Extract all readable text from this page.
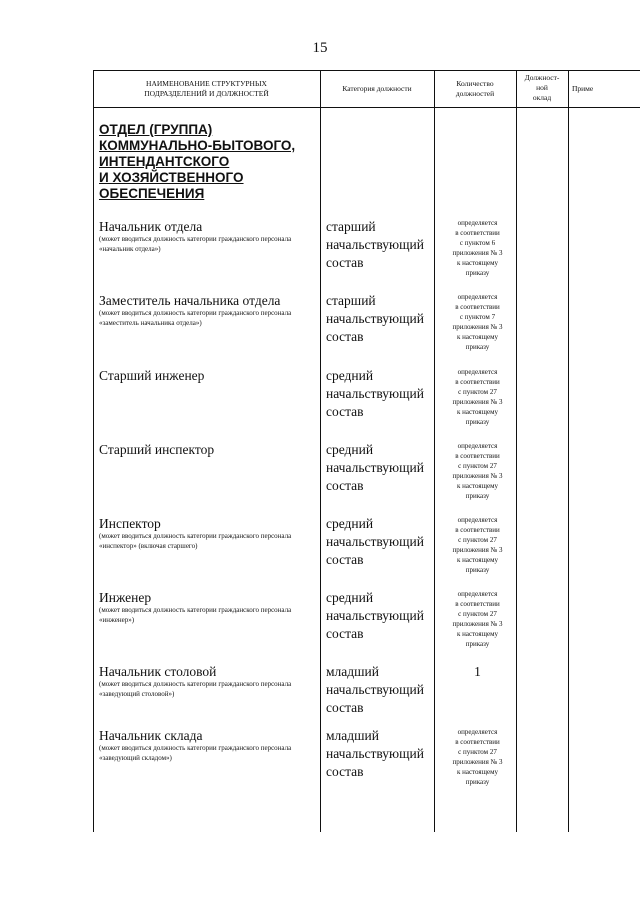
15
НАИМЕНОВАНИЕ СТРУКТУРНЫХ
ПОДРАЗДЕЛЕНИЙ И ДОЛЖНОСТЕЙ
Категория должности
Количество
должностей
Должност-
ной
оклад
Приме
ОТДЕЛ (ГРУППА)
КОММУНАЛЬНО-БЫТОВОГО,
ИНТЕНДАНТСКОГО
И ХОЗЯЙСТВЕННОГО
ОБЕСПЕЧЕНИЯ
Начальник отдела
(может вводиться должность категории гражданского персонала «начальник отдела»)
старший
начальствующий
состав
определяется
в соответствии
с пунктом 6
приложения № 3
к настоящему
приказу
Заместитель начальника отдела
(может вводиться должность категории гражданского персонала «заместитель начальника отдела»)
старший
начальствующий
состав
определяется
в соответствии
с пунктом 7
приложения № 3
к настоящему
приказу
Старший инженер	средний
начальствующий
состав
определяется
в соответствии
с пунктом 27
приложения № 3
к настоящему
приказу
Старший инспектор	средний
начальствующий
состав
определяется
в соответствии
с пунктом 27
приложения № 3
к настоящему
приказу
Инспектор
(может вводиться должность категории гражданского персонала «инспектор» (включая старшего)
средний
начальствующий
состав
определяется
в соответствии
с пунктом 27
приложения № 3
к настоящему
приказу
Инженер
(может вводиться должность категории гражданского персонала «инженер»)
средний
начальствующий
состав
определяется
в соответствии
с пунктом 27
приложения № 3
к настоящему
приказу
Начальник столовой
(может вводиться должность категории гражданского персонала «заведующий столовой»)
младший
начальствующий
состав
1
Начальник склада
(может вводиться должность категории гражданского персонала «заведующий складом»)
младший
начальствующий
состав
определяется
в соответствии
с пунктом 27
приложения № 3
к настоящему
приказу
